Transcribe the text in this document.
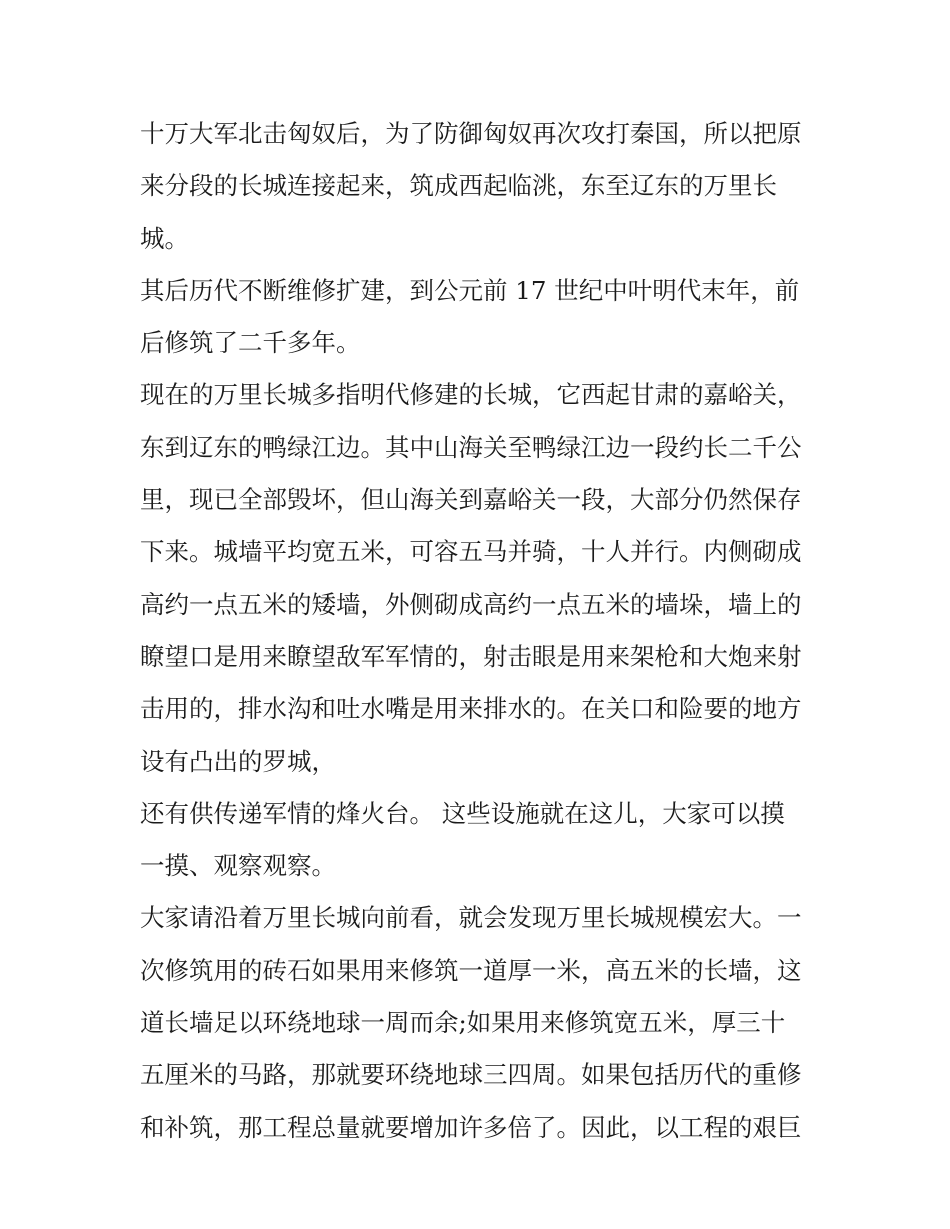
十万大军北击匈奴后，为了防御匈奴再次攻打秦国，所以把原
来分段的长城连接起来，筑成西起临洮，东至辽东的万里长
城。
其后历代不断维修扩建，到公元前 17 世纪中叶明代末年，前
后修筑了二千多年。
现在的万里长城多指明代修建的长城，它西起甘肃的嘉峪关，
东到辽东的鸭绿江边。其中山海关至鸭绿江边一段约长二千公
里，现已全部毁坏，但山海关到嘉峪关一段，大部分仍然保存
下来。城墙平均宽五米，可容五马并骑，十人并行。内侧砌成
高约一点五米的矮墙，外侧砌成高约一点五米的墙垛，墙上的
瞭望口是用来瞭望敌军军情的，射击眼是用来架枪和大炮来射
击用的，排水沟和吐水嘴是用来排水的。在关口和险要的地方
设有凸出的罗城，
还有供传递军情的烽火台。 这些设施就在这儿，大家可以摸
一摸、观察观察。
大家请沿着万里长城向前看，就会发现万里长城规模宏大。一
次修筑用的砖石如果用来修筑一道厚一米，高五米的长墙，这
道长墙足以环绕地球一周而余;如果用来修筑宽五米，厚三十
五厘米的马路，那就要环绕地球三四周。如果包括历代的重修
和补筑，那工程总量就要增加许多倍了。因此，以工程的艰巨
